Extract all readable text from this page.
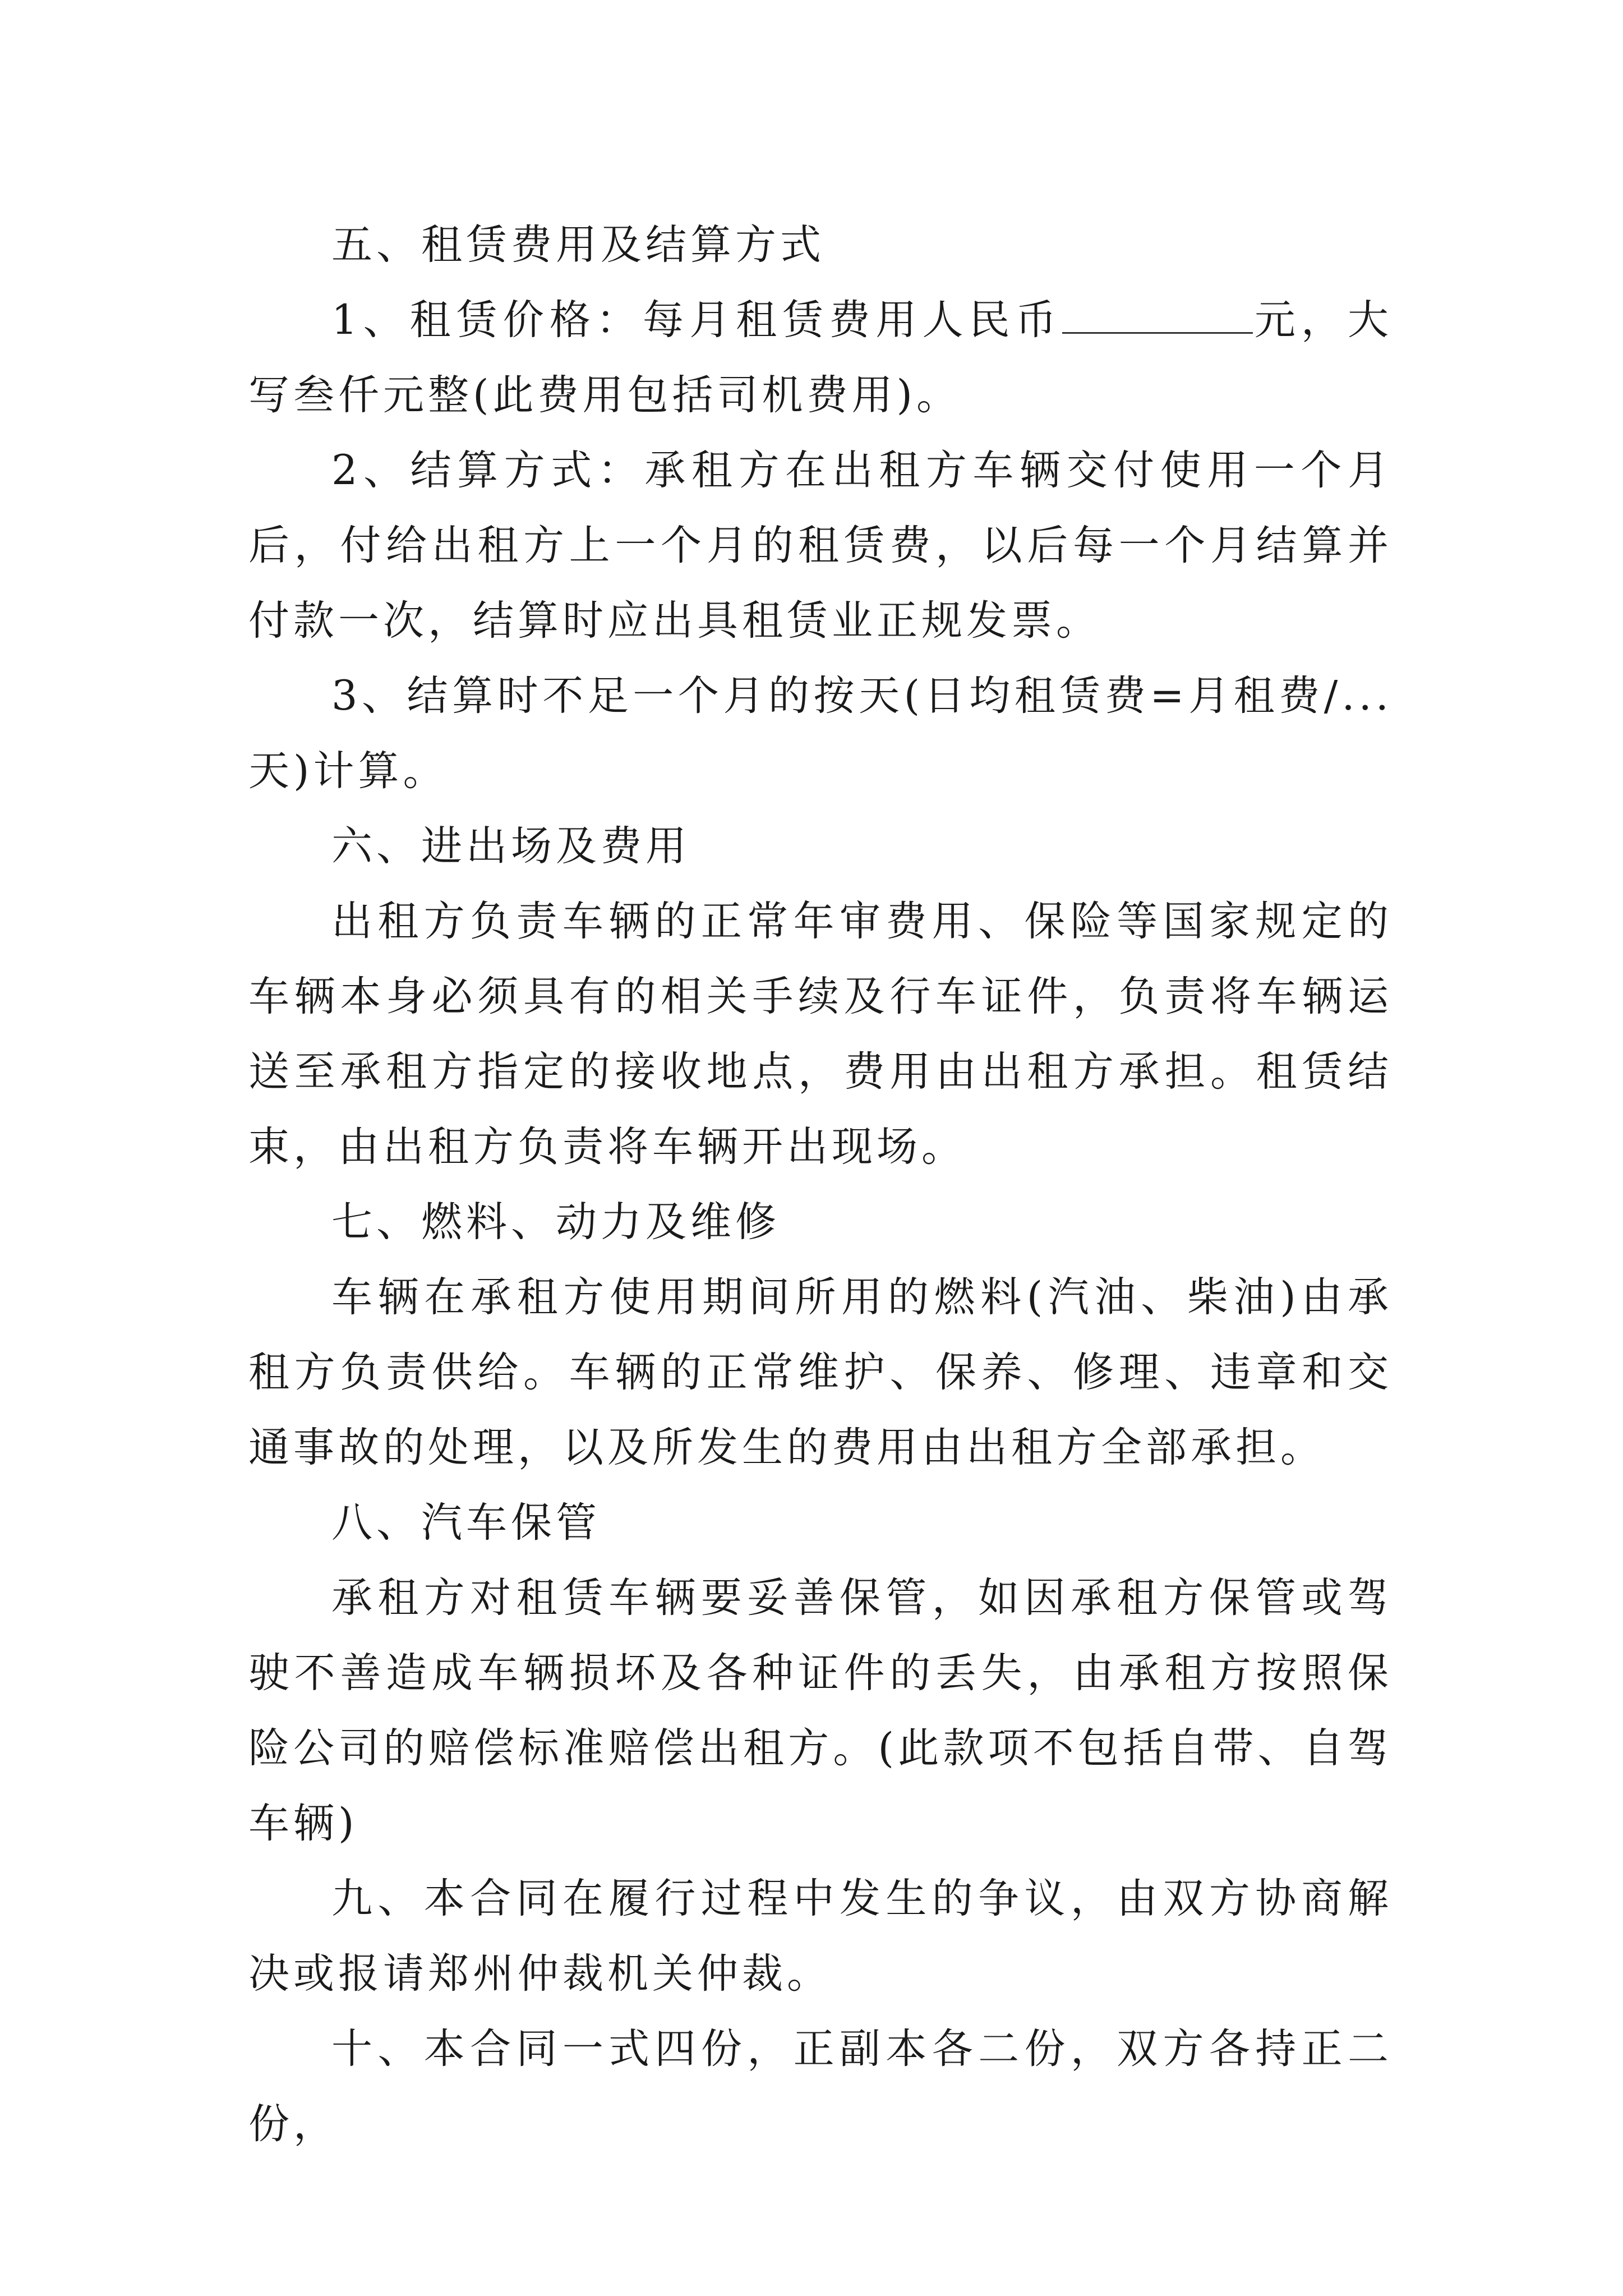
五、租赁费用及结算方式

1、租赁价格：每月租赁费用人民币	元，大写叁仟元整(此费用包括司机费用)。

2、结算方式：承租方在出租方车辆交付使用一个月后，付给出租方上一个月的租赁费，以后每一个月结算并付款一次，结算时应出具租赁业正规发票。

3、结算时不足一个月的按天(日均租赁费=月租费/...天)计算。

六、进出场及费用

出租方负责车辆的正常年审费用、保险等国家规定的车辆本身必须具有的相关手续及行车证件，负责将车辆运送至承租方指定的接收地点，费用由出租方承担。租赁结束，由出租方负责将车辆开出现场。

七、燃料、动力及维修

车辆在承租方使用期间所用的燃料(汽油、柴油)由承租方负责供给。车辆的正常维护、保养、修理、违章和交通事故的处理，以及所发生的费用由出租方全部承担。

八、汽车保管

承租方对租赁车辆要妥善保管，如因承租方保管或驾驶不善造成车辆损坏及各种证件的丢失，由承租方按照保险公司的赔偿标准赔偿出租方。(此款项不包括自带、自驾车辆)

九、本合同在履行过程中发生的争议，由双方协商解决或报请郑州仲裁机关仲裁。

十、本合同一式四份，正副本各二份，双方各持正二份，
